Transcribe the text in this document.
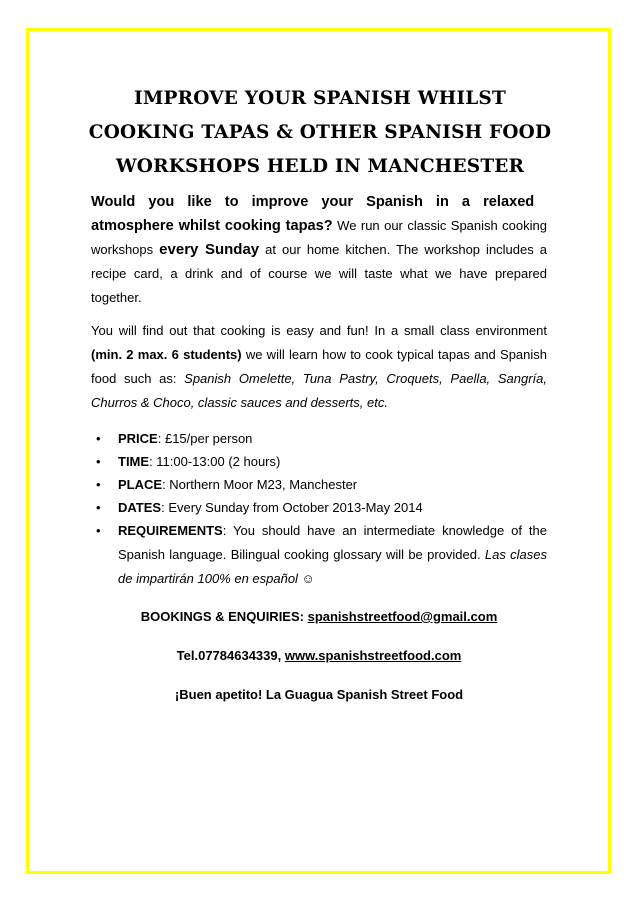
IMPROVE YOUR SPANISH WHILST

COOKING TAPAS & OTHER SPANISH FOOD

WORKSHOPS HELD IN MANCHESTER

Would you like to improve your Spanish in a relaxed
atmosphere whilst cooking tapas? We run our classic Spanish cooking workshops every Sunday at our home kitchen. The workshop includes a recipe card, a drink and of course we will taste what we have prepared together.

You will find out that cooking is easy and fun! In a small class environment (min. 2 max. 6 students) we will learn how to cook typical tapas and Spanish food such as: Spanish Omelette, Tuna Pastry, Croquets, Paella, Sangría, Churros & Choco, classic sauces and desserts, etc.

• PRICE: £15/per person
• TIME: 11:00-13:00 (2 hours)
• PLACE: Northern Moor M23, Manchester
• DATES: Every Sunday from October 2013-May 2014
• REQUIREMENTS: You should have an intermediate knowledge of the Spanish language. Bilingual cooking glossary will be provided. Las clases de impartirán 100% en español ☺
BOOKINGS & ENQUIRIES: spanishstreetfood@gmail.com
Tel.07784634339, www.spanishstreetfood.com
¡Buen apetito! La Guagua Spanish Street Food
